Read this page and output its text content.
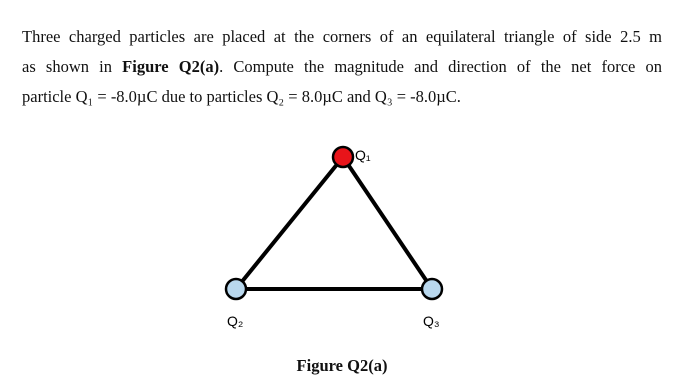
Three charged particles are placed at the corners of an equilateral triangle of side 2.5 m
as shown in Figure Q2(a). Compute the magnitude and direction of the net force on
particle Q₁ = -8.0µC due to particles Q₂ = 8.0µC and Q₃ = -8.0µC.
Q₁
Q₂	Q₃
Figure Q2(a)
